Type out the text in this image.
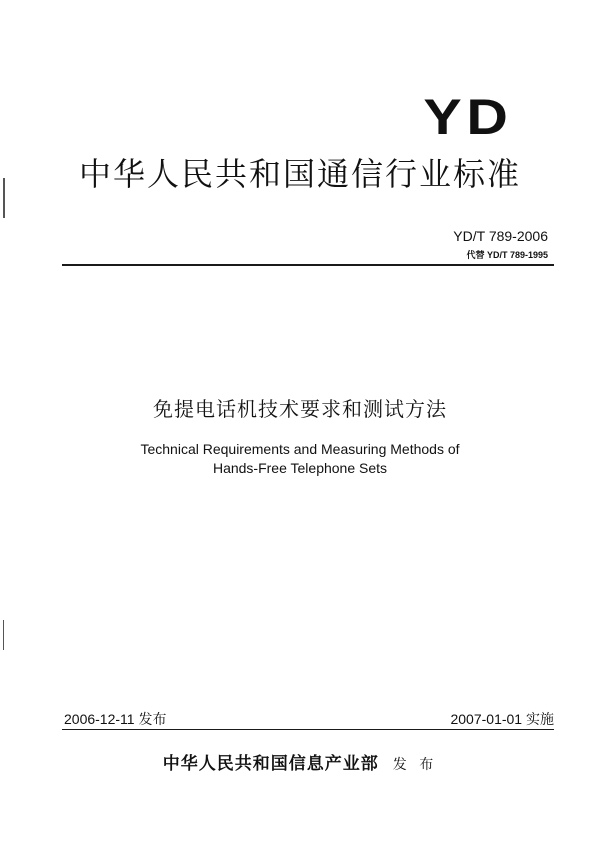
YD
中华人民共和国通信行业标准
YD/T 789-2006
代替 YD/T 789-1995
免提电话机技术要求和测试方法
Technical Requirements and Measuring Methods of
Hands-Free Telephone Sets
2006-12-11 发布	2007-01-01 实施
中华人民共和国信息产业部 发 布
